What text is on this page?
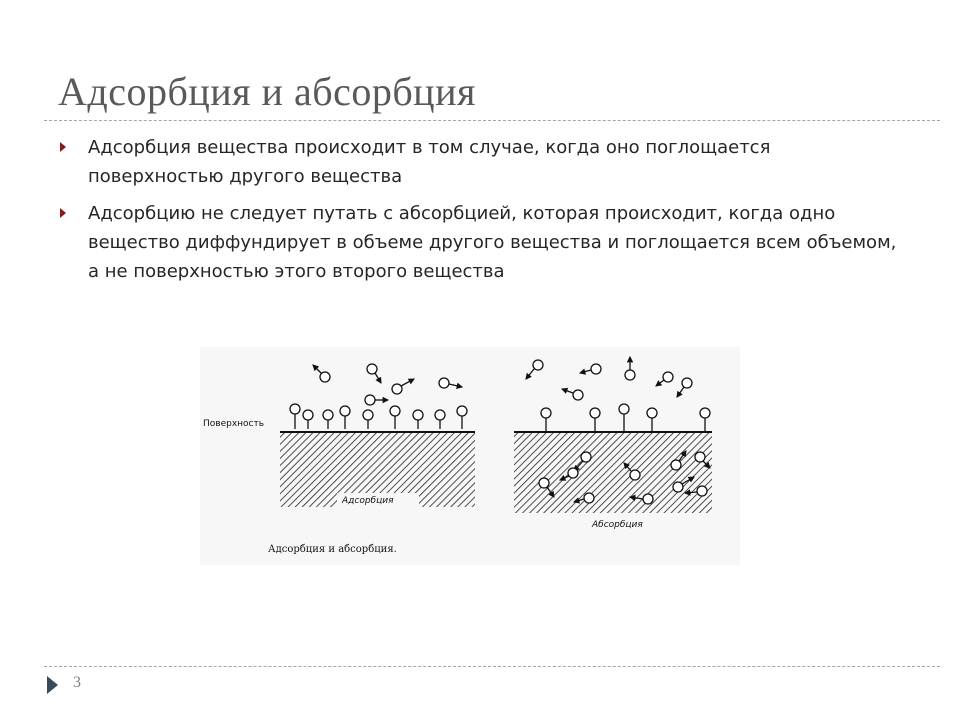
Адсорбция и абсорбция
Адсорбция вещества происходит в том случае, когда оно поглощается поверхностью другого вещества
Адсорбцию не следует путать с абсорбцией, которая происходит, когда одно вещество диффундирует в объеме другого вещества и поглощается всем объемом, а не поверхностью этого второго вещества
Поверхность
Адсорбция
Абсорбция
Адсорбция и абсорбция.
3
